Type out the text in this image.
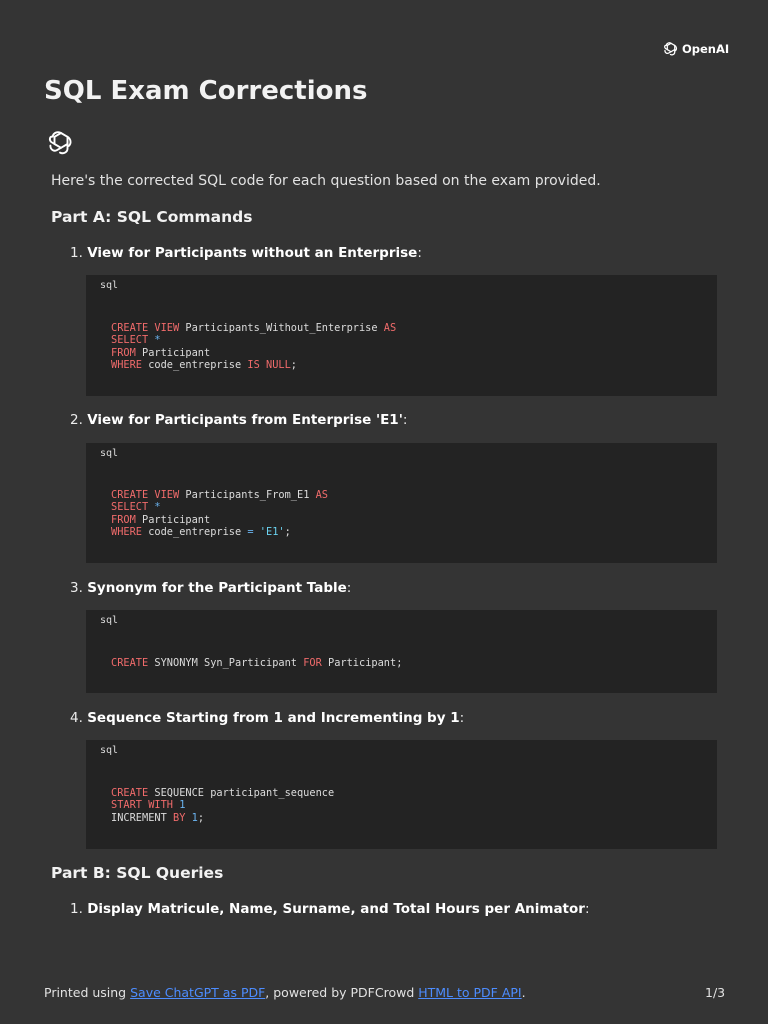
OpenAI
SQL Exam Corrections
Here's the corrected SQL code for each question based on the exam provided.
Part A: SQL Commands
1. View for Participants without an Enterprise:
sql
CREATE VIEW Participants_Without_Enterprise AS
SELECT *
FROM Participant
WHERE code_entreprise IS NULL;
2. View for Participants from Enterprise 'E1':
sql
CREATE VIEW Participants_From_E1 AS
SELECT *
FROM Participant
WHERE code_entreprise = 'E1';
3. Synonym for the Participant Table:
sql
CREATE SYNONYM Syn_Participant FOR Participant;
4. Sequence Starting from 1 and Incrementing by 1:
sql
CREATE SEQUENCE participant_sequence
START WITH 1
INCREMENT BY 1;
Part B: SQL Queries
1. Display Matricule, Name, Surname, and Total Hours per Animator:
Printed using Save ChatGPT as PDF, powered by PDFCrowd HTML to PDF API.	1/3
